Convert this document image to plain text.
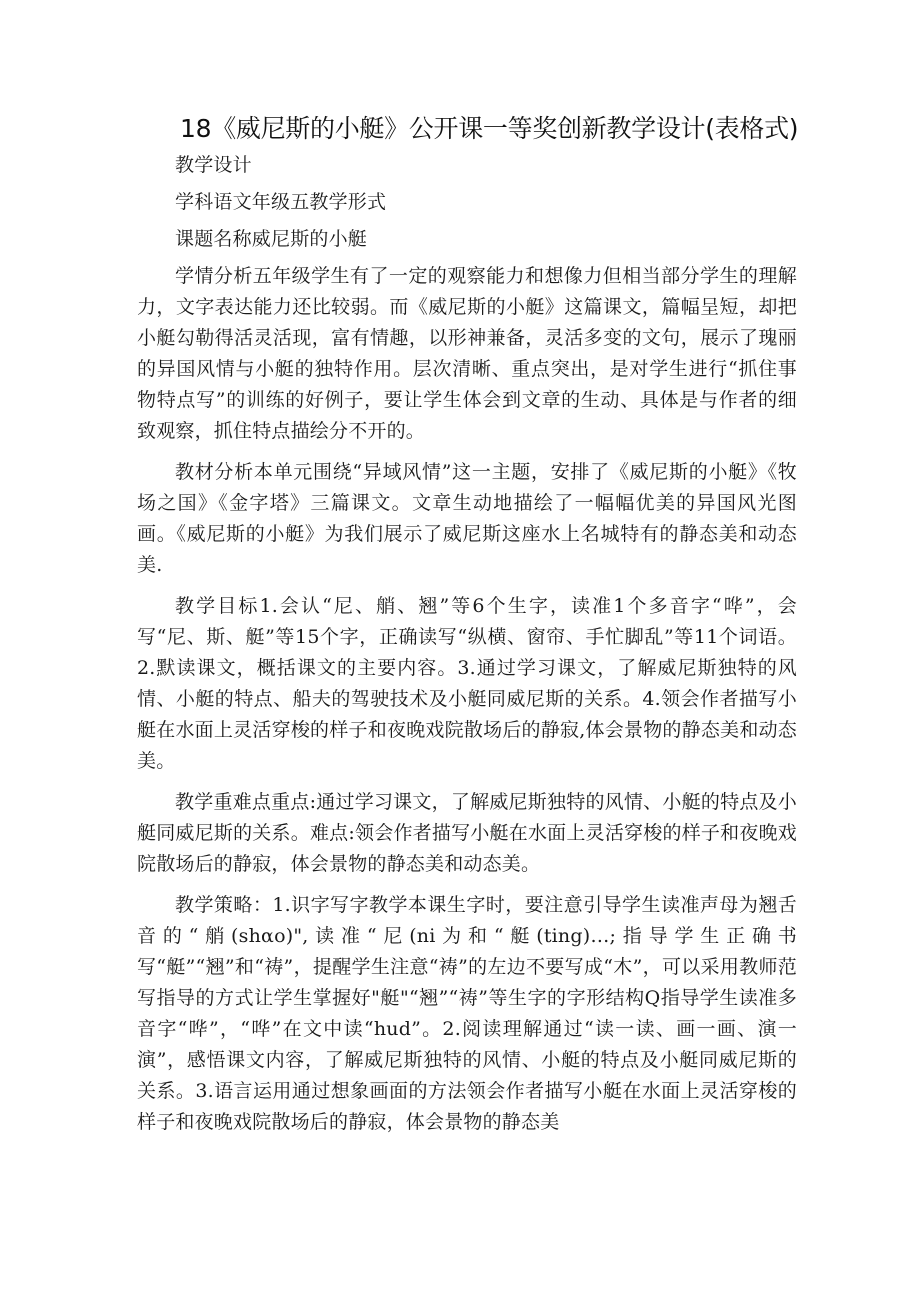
18《威尼斯的小艇》公开课一等奖创新教学设计(表格式)

教学设计

学科语文年级五教学形式

课题名称威尼斯的小艇

学情分析五年级学生有了一定的观察能力和想像力但相当部分学生的理解力，文字表达能力还比较弱。而《威尼斯的小艇》这篇课文，篇幅呈短，却把小艇勾勒得活灵活现，富有情趣，以形神兼备，灵活多变的文句，展示了瑰丽的异国风情与小艇的独特作用。层次清晰、重点突出，是对学生进行“抓住事物特点写”的训练的好例子，要让学生体会到文章的生动、具体是与作者的细致观察，抓住特点描绘分不开的。

教材分析本单元围绕“异域风情”这一主题，安排了《威尼斯的小艇》《牧场之国》《金字塔》三篇课文。文章生动地描绘了一幅幅优美的异国风光图画。《威尼斯的小艇》为我们展示了威尼斯这座水上名城特有的静态美和动态美.

教学目标1.会认“尼、艄、翘”等6个生字，读准1个多音字“哗”，会写“尼、斯、艇”等15个字，正确读写“纵横、窗帘、手忙脚乱”等11个词语。2.默读课文，概括课文的主要内容。3.通过学习课文，了解威尼斯独特的风情、小艇的特点、船夫的驾驶技术及小艇同威尼斯的关系。4.领会作者描写小艇在水面上灵活穿梭的样子和夜晚戏院散场后的静寂,体会景物的静态美和动态美。

教学重难点重点:通过学习课文，了解威尼斯独特的风情、小艇的特点及小艇同威尼斯的关系。难点:领会作者描写小艇在水面上灵活穿梭的样子和夜晚戏院散场后的静寂，体会景物的静态美和动态美。

教学策略：1.识字写字教学本课生字时，要注意引导学生读准声母为翘舌音的“艄(shαo)",读准“尼(ni为和“艇(ting)…;指导学生正确书写“艇”“翘”和“祷”，提醒学生注意“祷”的左边不要写成“木”，可以采用教师范写指导的方式让学生掌握好"艇"“翘”“祷”等生字的字形结构Q指导学生读准多音字“哗”，“哗”在文中读“hud”。2.阅读理解通过“读一读、画一画、演一演”，感悟课文内容，了解威尼斯独特的风情、小艇的特点及小艇同威尼斯的关系。3.语言运用通过想象画面的方法领会作者描写小艇在水面上灵活穿梭的样子和夜晚戏院散场后的静寂，体会景物的静态美
